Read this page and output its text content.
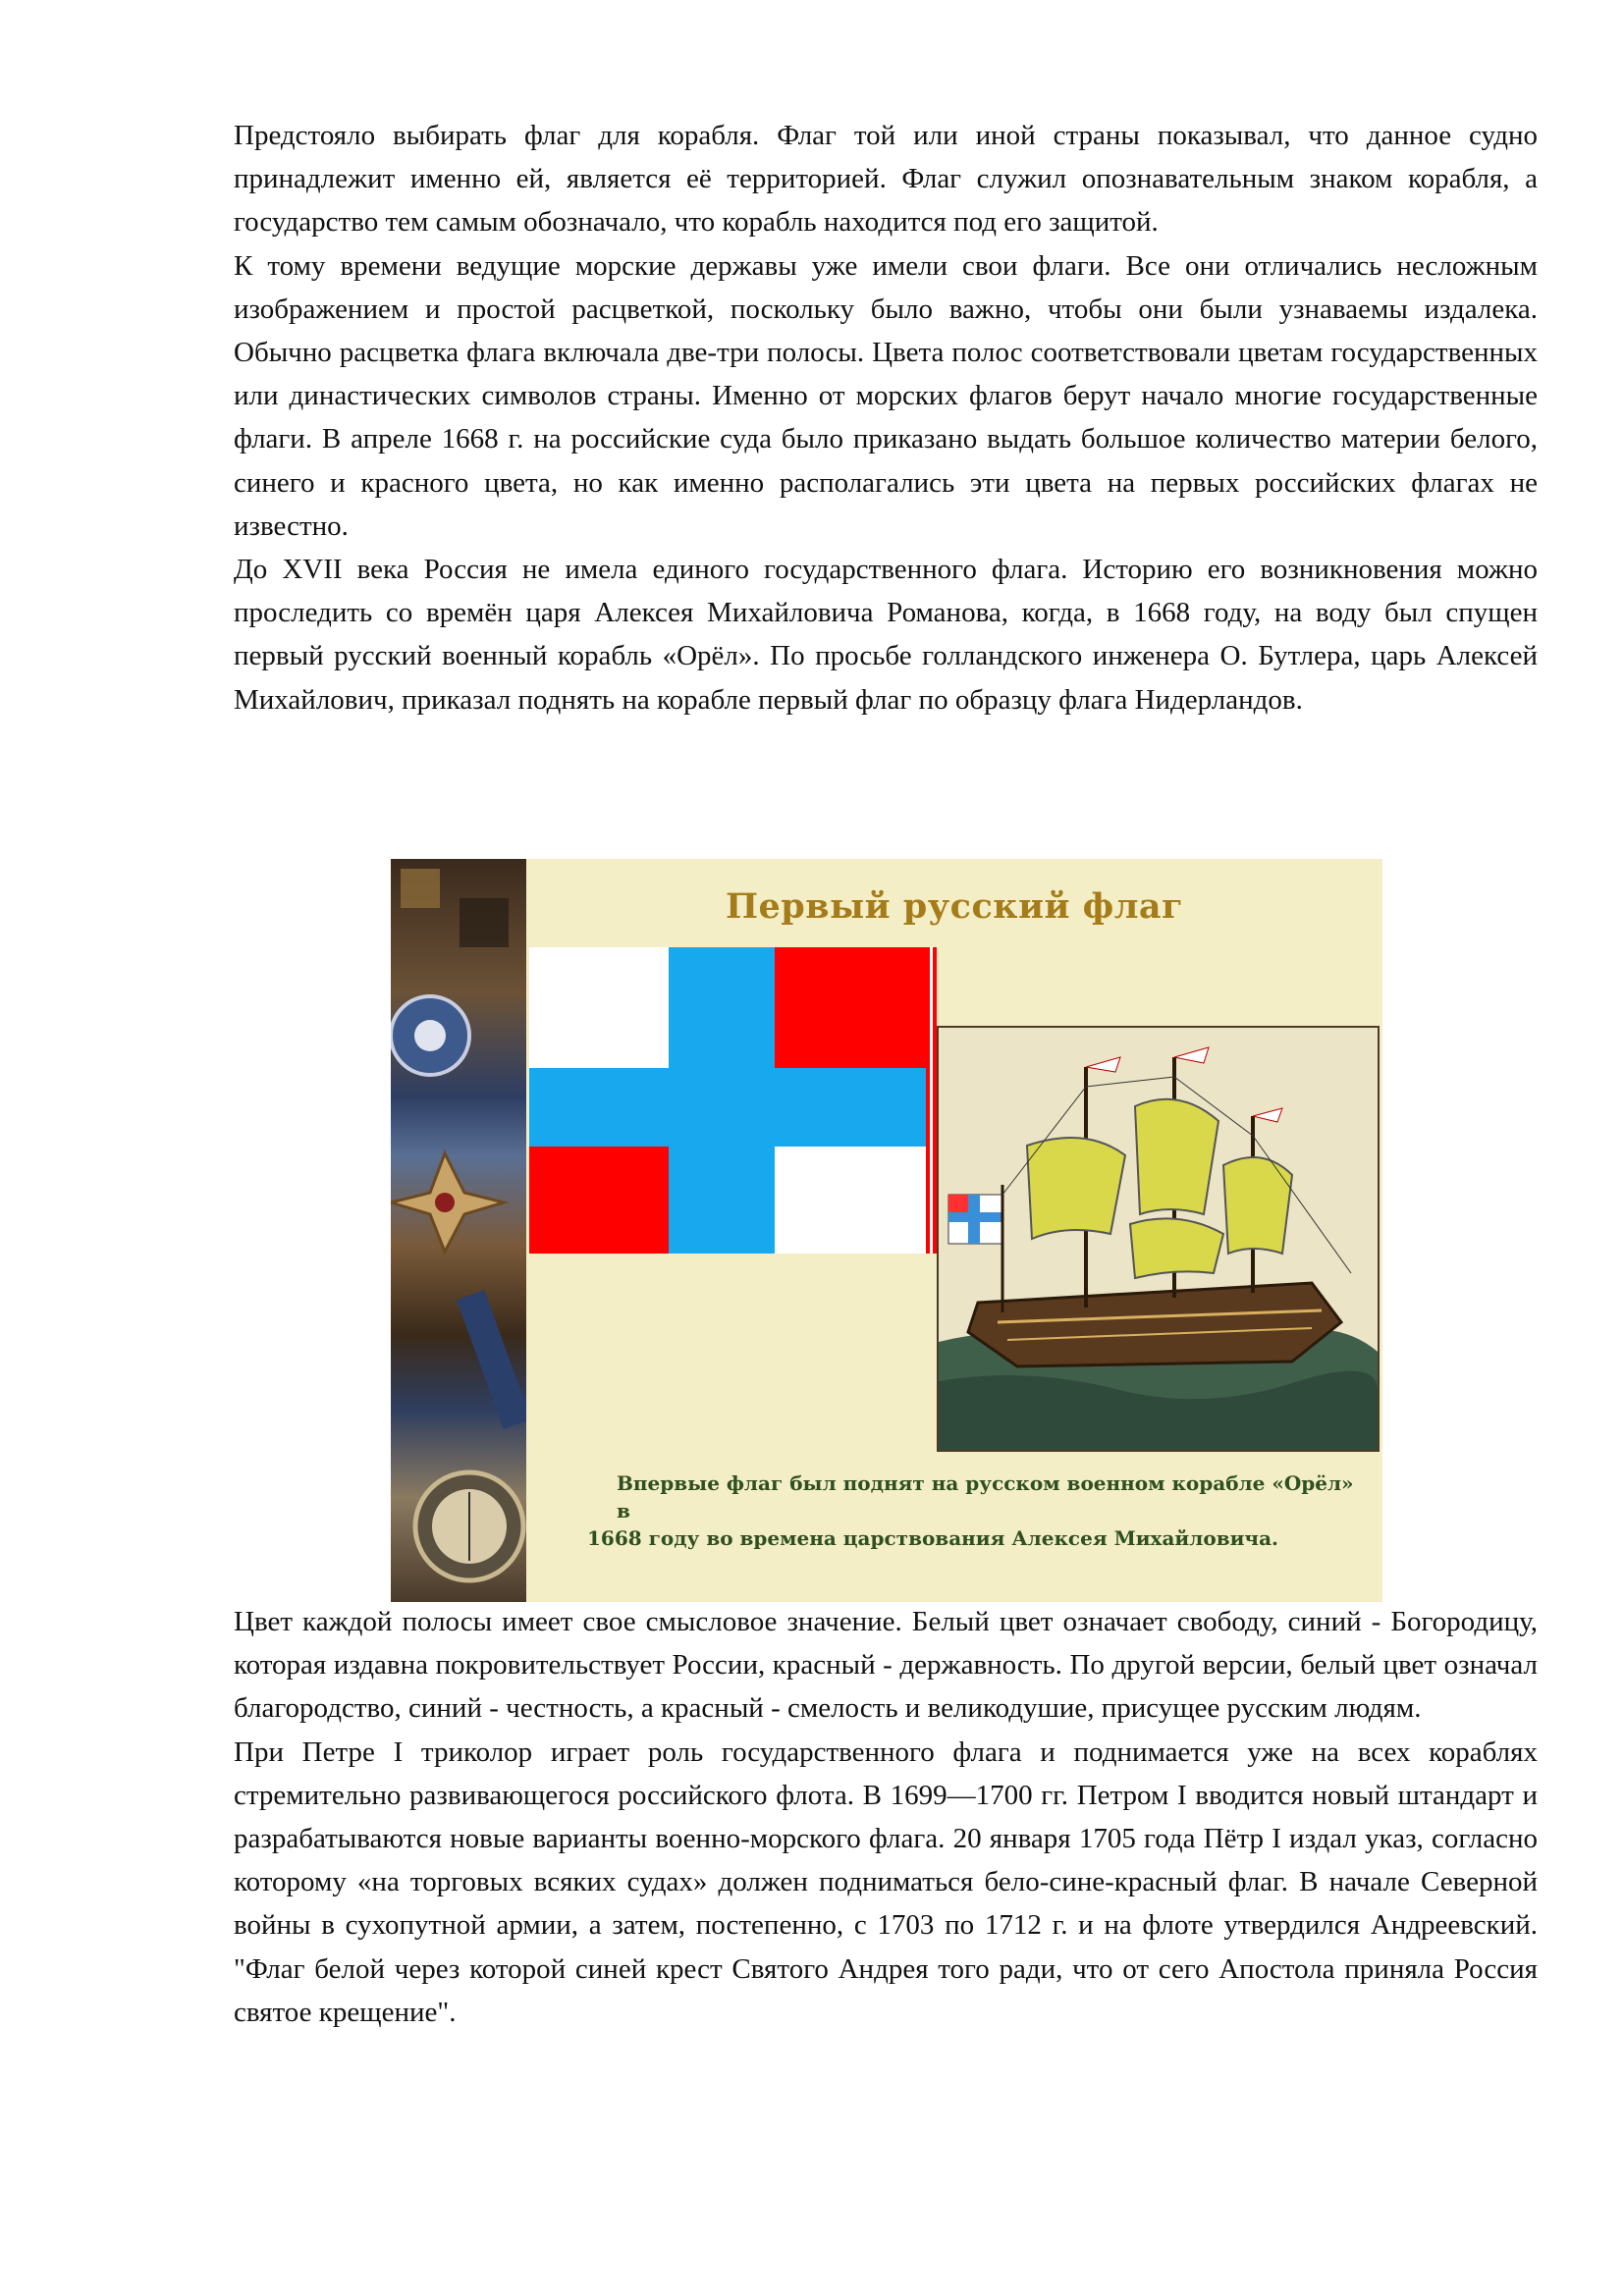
Предстояло выбирать флаг для корабля. Флаг той или иной страны показывал, что данное судно принадлежит именно ей, является её территорией. Флаг служил опознавательным знаком корабля, а государство тем самым обозначало, что корабль находится под его защитой.

К тому времени ведущие морские державы уже имели свои флаги. Все они отличались несложным изображением и простой расцветкой, поскольку было важно, чтобы они были узнаваемы издалека. Обычно расцветка флага включала две-три полосы. Цвета полос соответствовали цветам государственных или династических символов страны. Именно от морских флагов берут начало многие государственные флаги. В апреле 1668 г. на российские суда было приказано выдать большое количество материи белого, синего и красного цвета, но как именно располагались эти цвета на первых российских флагах не известно.

До XVII века Россия не имела единого государственного флага. Историю его возникновения можно проследить со времён царя Алексея Михайловича Романова, когда, в 1668 году, на воду был спущен первый русский военный корабль «Орёл». По просьбе голландского инженера О. Бутлера, царь Алексей Михайлович, приказал поднять на корабле первый флаг по образцу флага Нидерландов.

Первый русский флаг
Впервые флаг был поднят на русском военном корабле «Орёл» в
1668 году во времена царствования Алексея Михайловича.

Цвет каждой полосы имеет свое смысловое значение. Белый цвет означает свободу, синий - Богородицу, которая издавна покровительствует России, красный - державность. По другой версии, белый цвет означал благородство, синий - честность, а красный - смелость и великодушие, присущее русским людям.

При Петре I триколор играет роль государственного флага и поднимается уже на всех кораблях стремительно развивающегося российского флота. В 1699—1700 гг. Петром I вводится новый штандарт и разрабатываются новые варианты военно-морского флага. 20 января 1705 года Пётр I издал указ, согласно которому «на торговых всяких судах» должен подниматься бело-сине-красный флаг. В начале Северной войны в сухопутной армии, а затем, постепенно, с 1703 по 1712 г. и на флоте утвердился Андреевский. "Флаг белой через которой синей крест Святого Андрея того ради, что от сего Апостола приняла Россия святое крещение".
